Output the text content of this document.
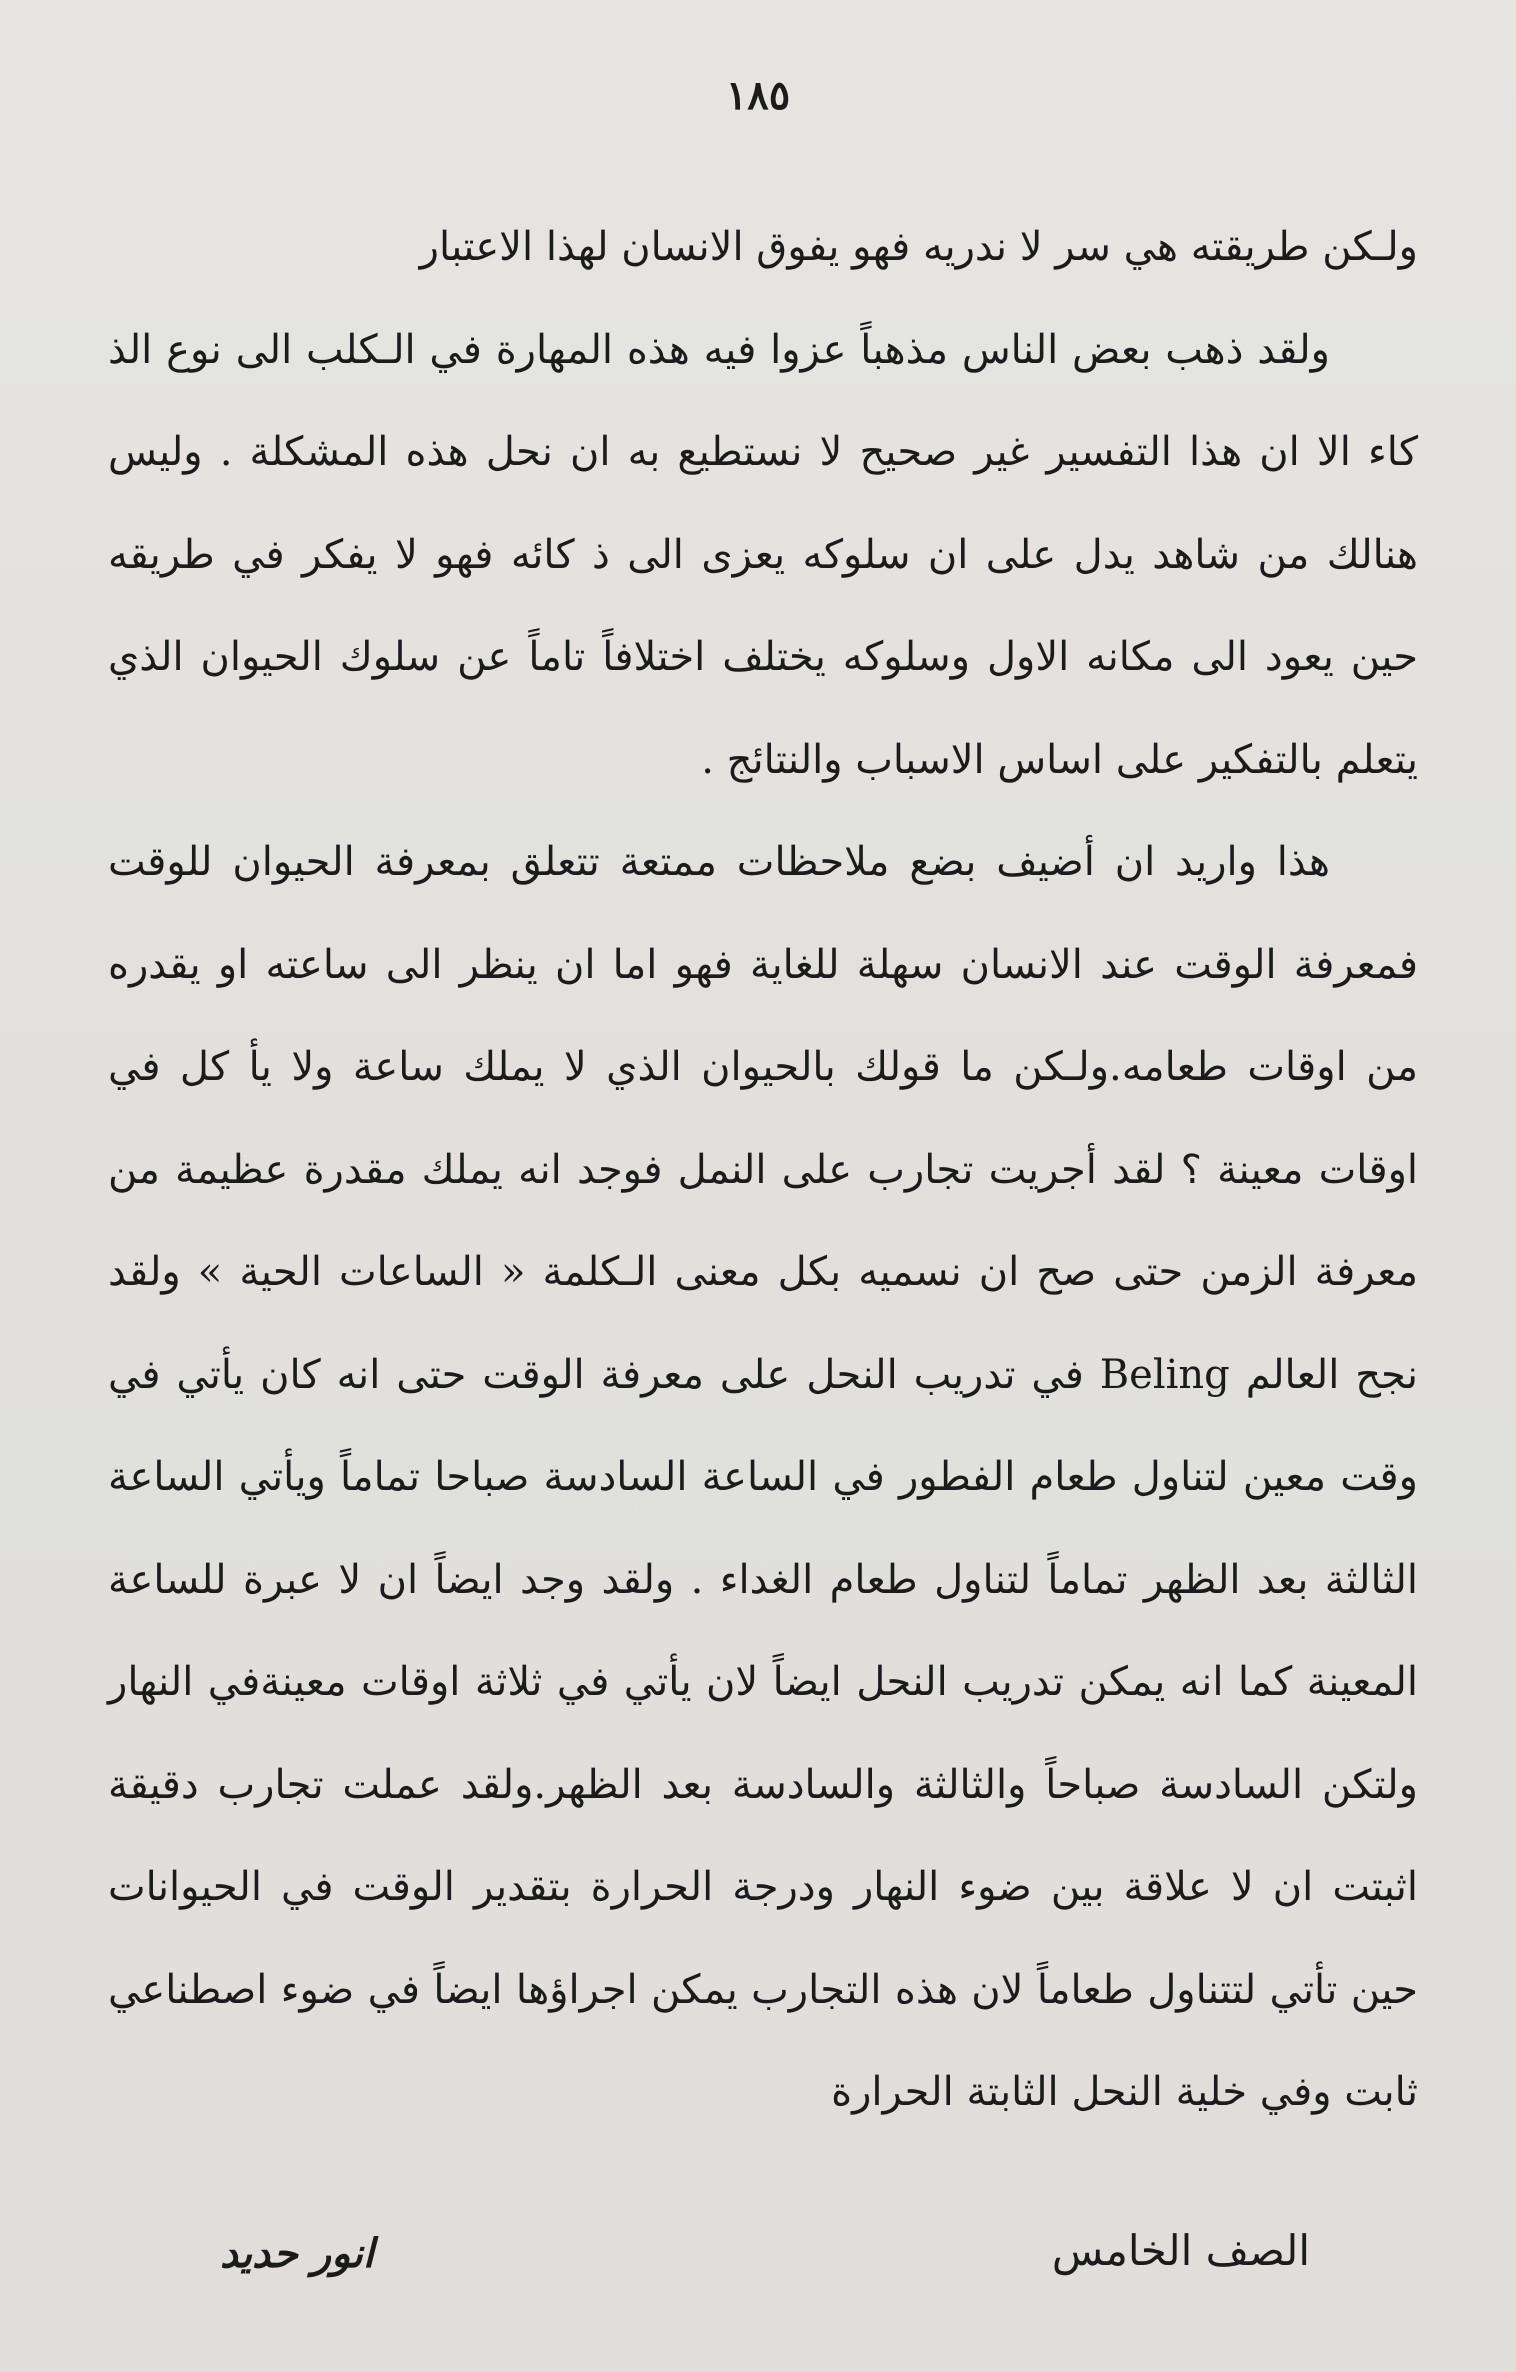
١٨٥

ولـكن طريقته هي سر لا ندريه فهو يفوق الانسان لهذا الاعتبار

ولقد ذهب بعض الناس مذهباً عزوا فيه هذه المهارة في الـكلب الى نوع الذ كاء الا ان هذا التفسير غير صحيح لا نستطيع به ان نحل هذه المشكلة . وليس هنالك من شاهد يدل على ان سلوكه يعزى الى ذ كائه فهو لا يفكر في طريقه حين يعود الى مكانه الاول وسلوكه يختلف اختلافاً تاماً عن سلوك الحيوان الذي يتعلم بالتفكير على اساس الاسباب والنتائج .

هذا واريد ان أضيف بضع ملاحظات ممتعة تتعلق بمعرفة الحيوان للوقت فمعرفة الوقت عند الانسان سهلة للغاية فهو اما ان ينظر الى ساعته او يقدره من اوقات طعامه.ولـكن ما قولك بالحيوان الذي لا يملك ساعة ولا يأ كل في اوقات معينة ؟ لقد أجريت تجارب على النمل فوجد انه يملك مقدرة عظيمة من معرفة الزمن حتى صح ان نسميه بكل معنى الـكلمة « الساعات الحية » ولقد نجح العالم Beling في تدريب النحل على معرفة الوقت حتى انه كان يأتي في وقت معين لتناول طعام الفطور في الساعة السادسة صباحا تماماً ويأتي الساعة الثالثة بعد الظهر تماماً لتناول طعام الغداء . ولقد وجد ايضاً ان لا عبرة للساعة المعينة كما انه يمكن تدريب النحل ايضاً لان يأتي في ثلاثة اوقات معينةفي النهار ولتكن السادسة صباحاً والثالثة والسادسة بعد الظهر.ولقد عملت تجارب دقيقة اثبتت ان لا علاقة بين ضوء النهار ودرجة الحرارة بتقدير الوقت في الحيوانات حين تأتي لتتناول طعاماً لان هذه التجارب يمكن اجراؤها ايضاً في ضوء اصطناعي ثابت وفي خلية النحل الثابتة الحرارة

الصف الخامس
انور حديد
